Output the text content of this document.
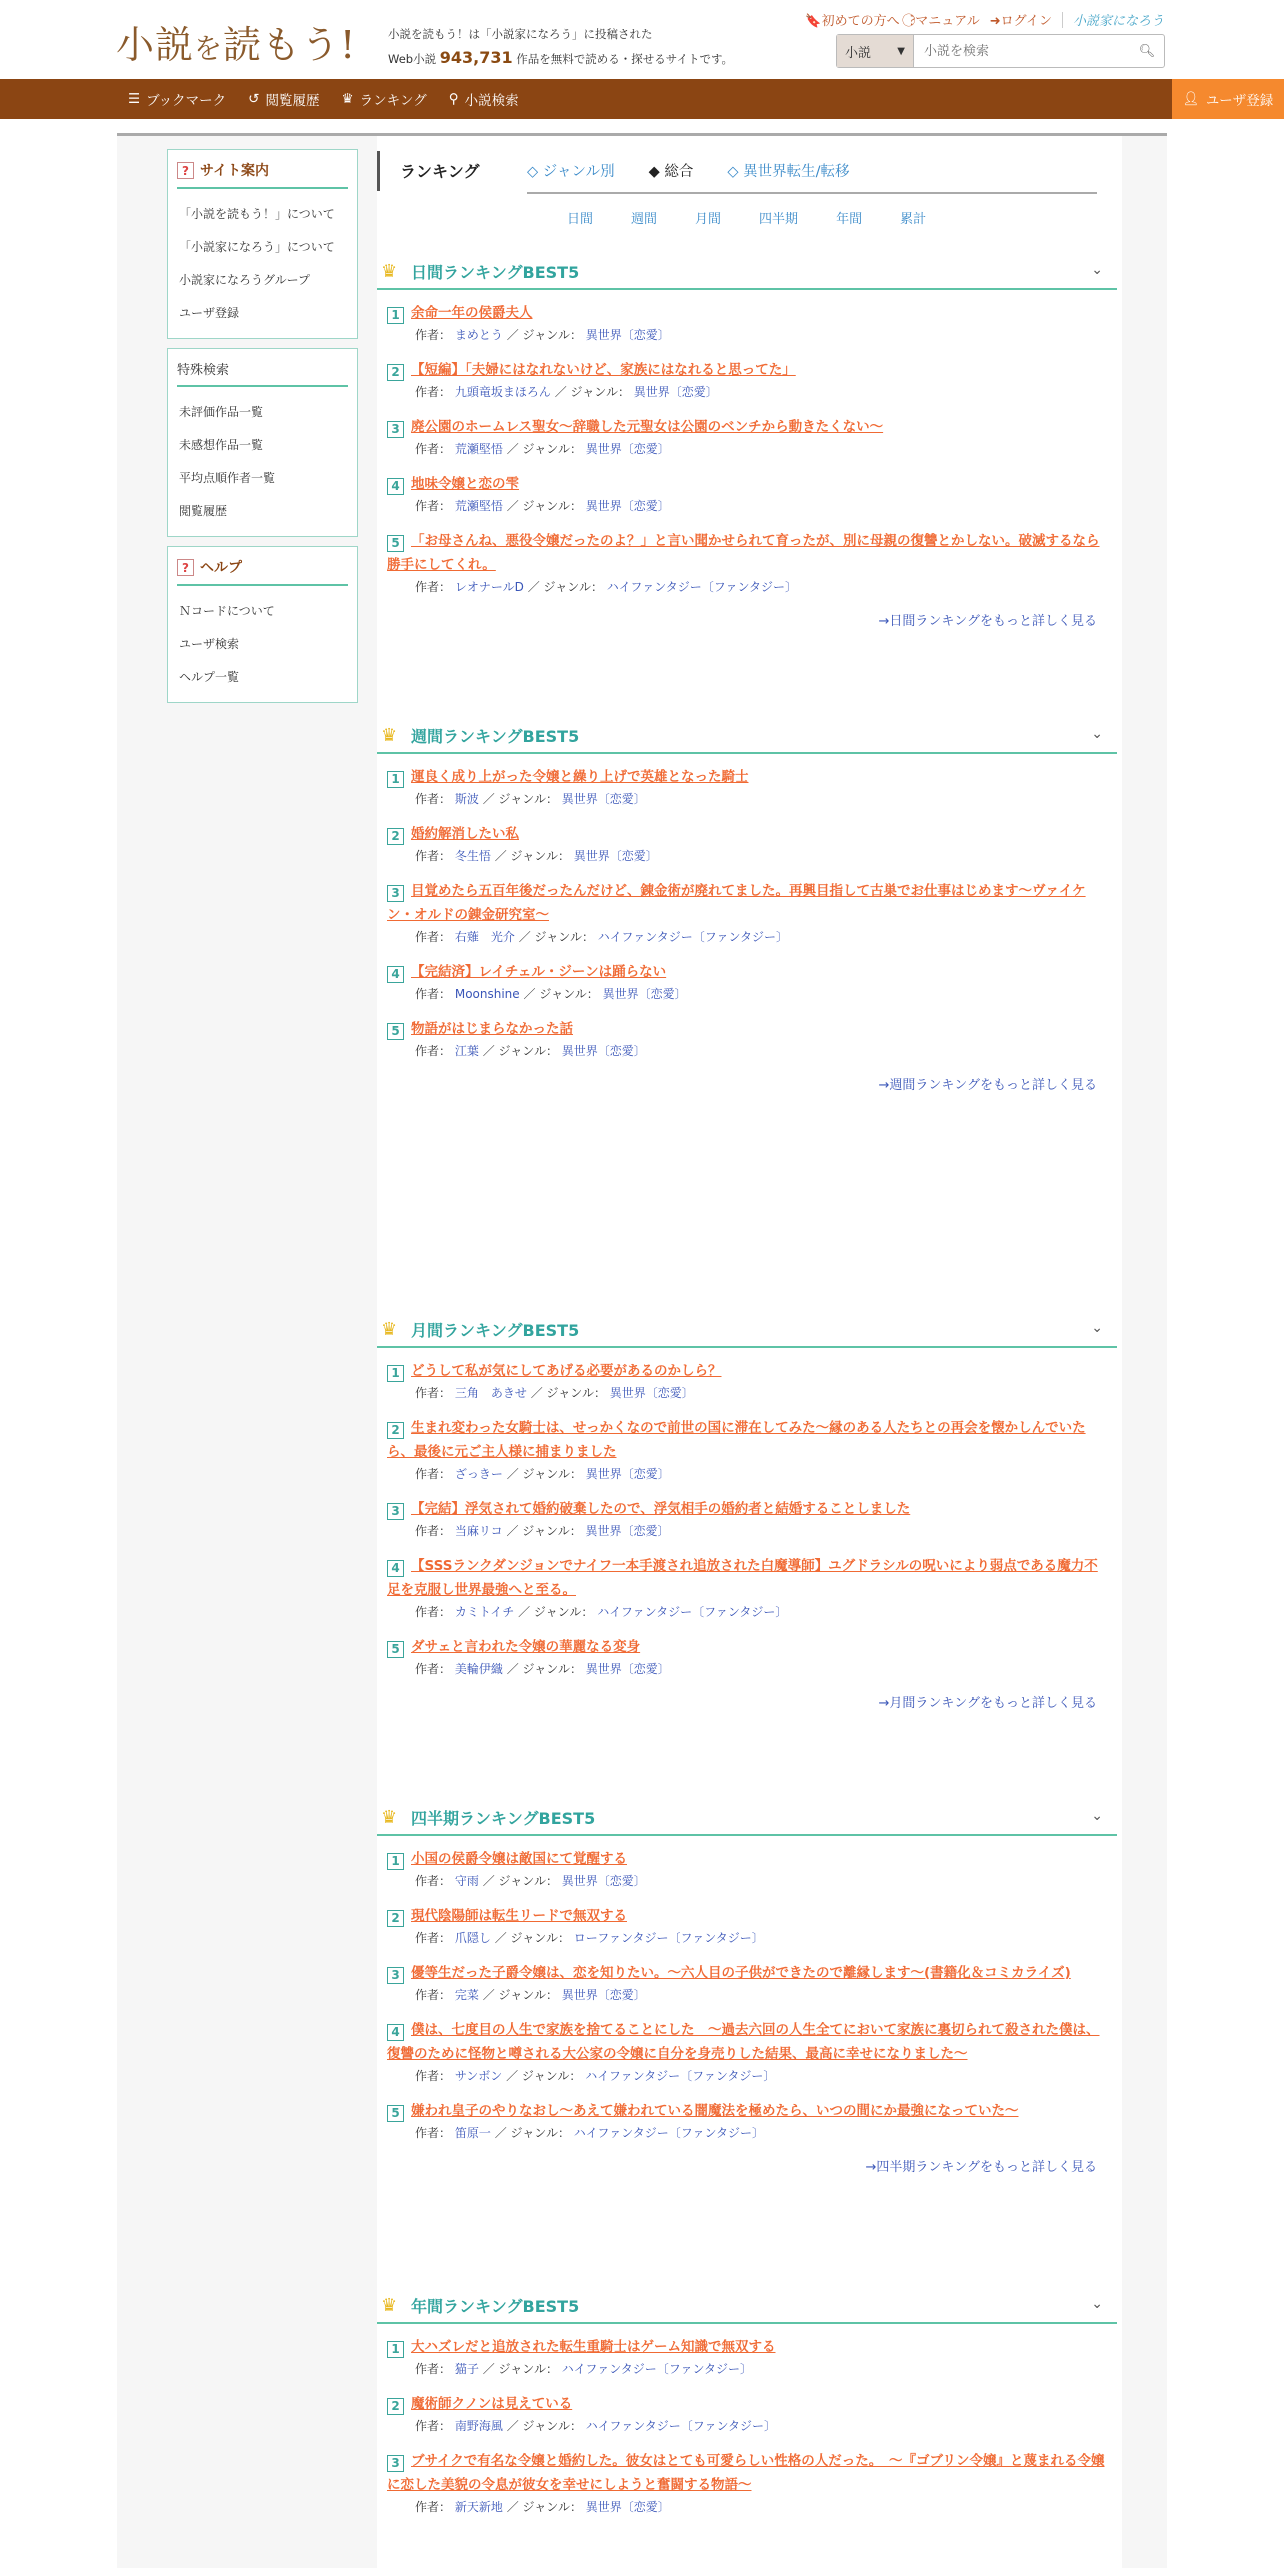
小説を読もう!	小説を読もう！は「小説家になろう」に投稿された
Web小説 943,731 作品を無料で読める・探せるサイトです。
🔖初めての方へ ?⃝マニュアル ➜ログイン 小説家になろう
小説	▼
小説を検索	🔍︎
☰ ブックマーク ↺ 閲覧履歴 ♛ ランキング ⚲ 小説検索	👤︎ ユーザ登録
? サイト案内
「小説を読もう！」について
「小説家になろう」について
小説家になろうグループ
ユーザ登録
特殊検索
未評価作品一覧
未感想作品一覧
平均点順作者一覧
閲覧履歴
? ヘルプ
Ｎコードについて
ユーザ検索
ヘルプ一覧
ランキング	◇ ジャンル別 ◆ 総合 ◇ 異世界転生/転移
日間	週間	月間	四半期	年間	累計
♛ 日間ランキングBEST5	⌄
1 余命一年の侯爵夫人
作者： まめとう ／ ジャンル： 異世界〔恋愛〕
2 【短編】「夫婦にはなれないけど、家族にはなれると思ってた」
作者： 九頭竜坂まほろん ／ ジャンル： 異世界〔恋愛〕
3 廃公園のホームレス聖女～辞職した元聖女は公園のベンチから動きたくない～
作者： 荒瀬堅悟 ／ ジャンル： 異世界〔恋愛〕
4 地味令嬢と恋の雫
作者： 荒瀬堅悟 ／ ジャンル： 異世界〔恋愛〕
5 「お母さんね、悪役令嬢だったのよ？」と言い聞かせられて育ったが、別に母親の復讐とかしない。破滅するなら勝手にしてくれ。
作者： レオナールD ／ ジャンル： ハイファンタジー〔ファンタジー〕
→日間ランキングをもっと詳しく見る
♛ 週間ランキングBEST5	⌄
1 運良く成り上がった令嬢と繰り上げで英雄となった騎士
作者： 斯波 ／ ジャンル： 異世界〔恋愛〕
2 婚約解消したい私
作者： 冬生悟 ／ ジャンル： 異世界〔恋愛〕
3 目覚めたら五百年後だったんだけど、錬金術が廃れてました。再興目指して古巣でお仕事はじめます～ヴァイケン・オルドの錬金研究室～
作者： 右薙　光介 ／ ジャンル： ハイファンタジー〔ファンタジー〕
4 【完結済】レイチェル・ジーンは踊らない
作者： Moonshine ／ ジャンル： 異世界〔恋愛〕
5 物語がはじまらなかった話
作者： 江葉 ／ ジャンル： 異世界〔恋愛〕
→週間ランキングをもっと詳しく見る
♛ 月間ランキングBEST5	⌄
1 どうして私が気にしてあげる必要があるのかしら？
作者： 三角　あきせ ／ ジャンル： 異世界〔恋愛〕
2 生まれ変わった女騎士は、せっかくなので前世の国に滞在してみた～縁のある人たちとの再会を懐かしんでいたら、最後に元ご主人様に捕まりました
作者： ざっきー ／ ジャンル： 異世界〔恋愛〕
3 【完結】浮気されて婚約破棄したので、浮気相手の婚約者と結婚することしました
作者： 当麻リコ ／ ジャンル： 異世界〔恋愛〕
4 【SSSランクダンジョンでナイフ一本手渡され追放された白魔導師】ユグドラシルの呪いにより弱点である魔力不足を克服し世界最強へと至る。
作者： カミトイチ ／ ジャンル： ハイファンタジー〔ファンタジー〕
5 ダサェと言われた令嬢の華麗なる変身
作者： 美輪伊織 ／ ジャンル： 異世界〔恋愛〕
→月間ランキングをもっと詳しく見る
♛ 四半期ランキングBEST5	⌄
1 小国の侯爵令嬢は敵国にて覚醒する
作者： 守雨 ／ ジャンル： 異世界〔恋愛〕
2 現代陰陽師は転生リードで無双する
作者： 爪隠し ／ ジャンル： ローファンタジー〔ファンタジー〕
3 優等生だった子爵令嬢は、恋を知りたい。～六人目の子供ができたので離縁します～(書籍化＆コミカライズ)
作者： 完菜 ／ ジャンル： 異世界〔恋愛〕
4 僕は、七度目の人生で家族を捨てることにした　～過去六回の人生全てにおいて家族に裏切られて殺された僕は、復讐のために怪物と噂される大公家の令嬢に自分を身売りした結果、最高に幸せになりました～
作者： サンボン ／ ジャンル： ハイファンタジー〔ファンタジー〕
5 嫌われ皇子のやりなおし～あえて嫌われている闇魔法を極めたら、いつの間にか最強になっていた～
作者： 笛原一 ／ ジャンル： ハイファンタジー〔ファンタジー〕
→四半期ランキングをもっと詳しく見る
♛ 年間ランキングBEST5	⌄
1 大ハズレだと追放された転生重騎士はゲーム知識で無双する
作者： 猫子 ／ ジャンル： ハイファンタジー〔ファンタジー〕
2 魔術師クノンは見えている
作者： 南野海風 ／ ジャンル： ハイファンタジー〔ファンタジー〕
3 ブサイクで有名な令嬢と婚約した。彼女はとても可愛らしい性格の人だった。　～『ゴブリン令嬢』と蔑まれる令嬢に恋した美貌の令息が彼女を幸せにしようと奮闘する物語～
作者： 新天新地 ／ ジャンル： 異世界〔恋愛〕
